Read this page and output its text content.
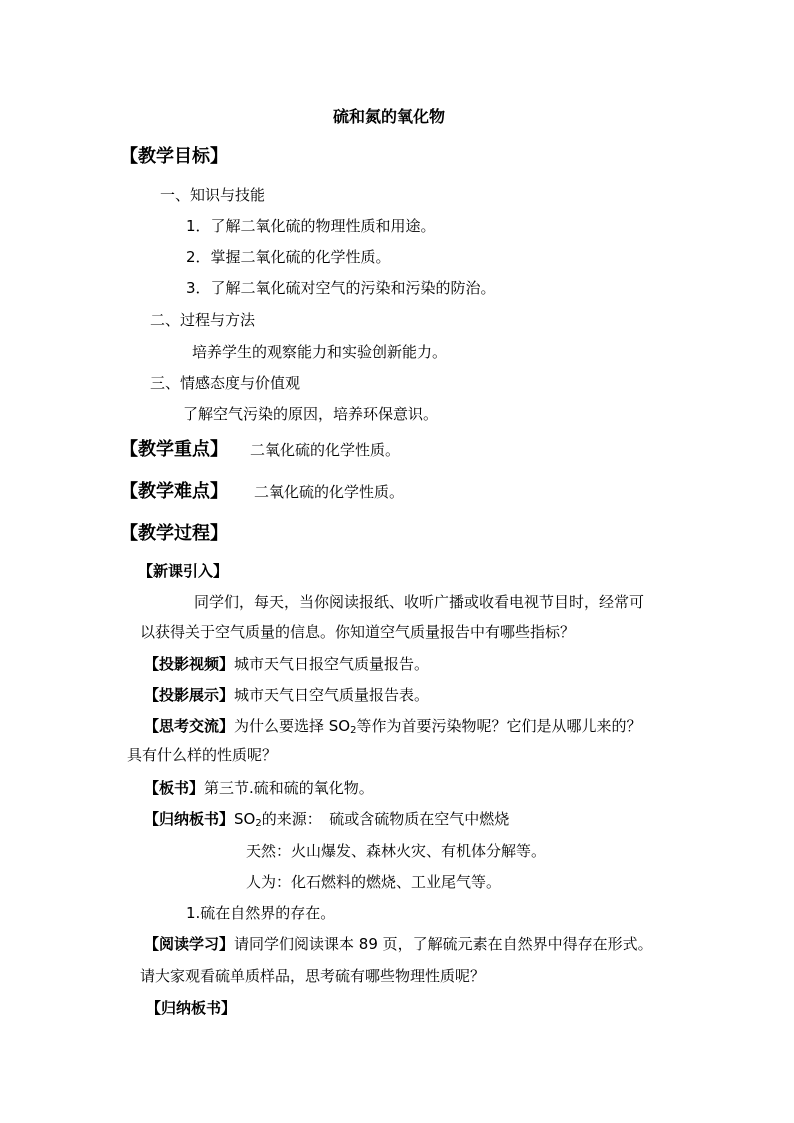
硫和氮的氧化物
【教学目标】
一、知识与技能
1．了解二氧化硫的物理性质和用途。
2．掌握二氧化硫的化学性质。
3．了解二氧化硫对空气的污染和污染的防治。
二、过程与方法
培养学生的观察能力和实验创新能力。
三、情感态度与价值观
了解空气污染的原因，培养环保意识。
【教学重点】 二氧化硫的化学性质。
【教学难点】 二氧化硫的化学性质。
【教学过程】
【新课引入】
同学们，每天，当你阅读报纸、收听广播或收看电视节目时，经常可
以获得关于空气质量的信息。你知道空气质量报告中有哪些指标？
【投影视频】城市天气日报空气质量报告。
【投影展示】城市天气日空气质量报告表。
【思考交流】为什么要选择 $SO_2$等作为首要污染物呢？它们是从哪儿来的？
具有什么样的性质呢？
【板书】第三节.硫和硫的氧化物。
【归纳板书】$SO_2$的来源：　硫或含硫物质在空气中燃烧
天然：火山爆发、森林火灾、有机体分解等。
人为：化石燃料的燃烧、工业尾气等。
1.硫在自然界的存在。
【阅读学习】请同学们阅读课本 89 页，了解硫元素在自然界中得存在形式。
请大家观看硫单质样品，思考硫有哪些物理性质呢？
【归纳板书】
